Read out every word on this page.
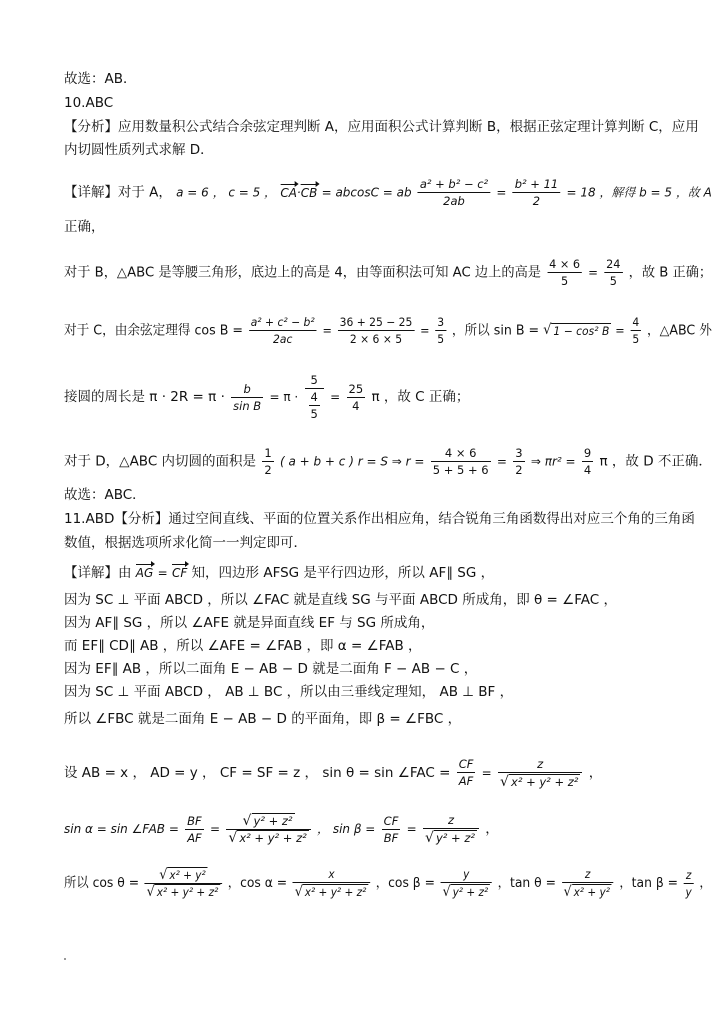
故选：AB．
10.ABC
【分析】应用数量积公式结合余弦定理判断 A，应用面积公式计算判断 B，根据正弦定理计算判断 C，应用
内切圆性质列式求解 D．
【详解】对于 A， a = 6 ， c = 5 ， CA·CB = abcosC = ab $\frac{\text{a² + b² − c²}}{2ab} = \frac{\text{b² + 11}}{2} = 18$ ，解得 b = 5 ，故 A
正确，
对于 B，△ABC 是等腰三角形，底边上的高是 4，由等面积法可知 AC 边上的高是 $\frac{4 \times 6}{5} = \frac{24}{5}$ ，故 B 正确；
对于 C，由余弦定理得 $\cos B = \frac{\text{a² + c² − b²}}{2ac} = \frac{36 + 25 - 25}{2 \times 6 \times 5} = \frac{3}{5}$ ，所以 sin B = √ 1 − cos² $B = \frac{4}{5}$ ，△ABC 外
接圆的周长是 $\pi \cdot 2R = \pi \cdot \frac{b}{\text{sin B}} = \pi \cdot \frac{5}{\frac{4}{5}} = \frac{25}{4}$ π ，故 C 正确；
对于 D，△ABC 内切圆的面积是 $\frac{1}{2}$ ( a + b + c ) r = S ⇒ $r = \frac{4 \times 6}{5 + 5 + 6} = \frac{3}{2}$ ⇒ $\pi r^2 = \frac{9}{4}$ π ，故 D 不正确．
故选：ABC．
11.ABD【分析】通过空间直线、平面的位置关系作出相应角，结合锐角三角函数得出对应三个角的三角函
数值，根据选项所求化简一一判定即可．
【详解】由 AG = CF 知，四边形 AFSG 是平行四边形，所以 AF∥ SG ，
因为 SC ⊥ 平面 ABCD ，所以 ∠FAC 就是直线 SG 与平面 ABCD 所成角，即 θ = ∠FAC ，
因为 AF∥ SG ，所以 ∠AFE 就是异面直线 EF 与 SG 所成角，
而 EF∥ CD∥ AB ，所以 ∠AFE = ∠FAB ，即 α = ∠FAB ，
因为 EF∥ AB ，所以二面角 E − AB − D 就是二面角 F − AB − C ，
因为 SC ⊥ 平面 ABCD ， AB ⊥ BC ，所以由三垂线定理知， AB ⊥ BF ，
所以 ∠FBC 就是二面角 E − AB − D 的平面角，即 β = ∠FBC ，
设 AB = x ， AD = y ， CF = SF = z ， sin θ = sin ∠FAC = $\frac{CF}{AF} = \frac{z}{\text{√ x² + y² + z²}}$ ，
sin α = sin ∠FAB = $\frac{BF}{AF} = \frac{\text{√ y² + z²}}{\text{√ x² + y² + z²}}$ ， $\sin \beta = \frac{CF}{BF} = \frac{z}{\text{√ y² + z²}}$ ，
所以 $\cos \theta = \frac{\text{√ x² + y²}}{\text{√ x² + y² + z²}}$ ，$\cos \alpha = \frac{x}{\text{√ x² + y² + z²}}$ ，$\cos \beta = \frac{y}{\text{√ y² + z²}}$ ，$\tan \theta = \frac{z}{\text{√ x² + y²}}$ ，$\tan \beta = \frac{z}{y}$ ，
